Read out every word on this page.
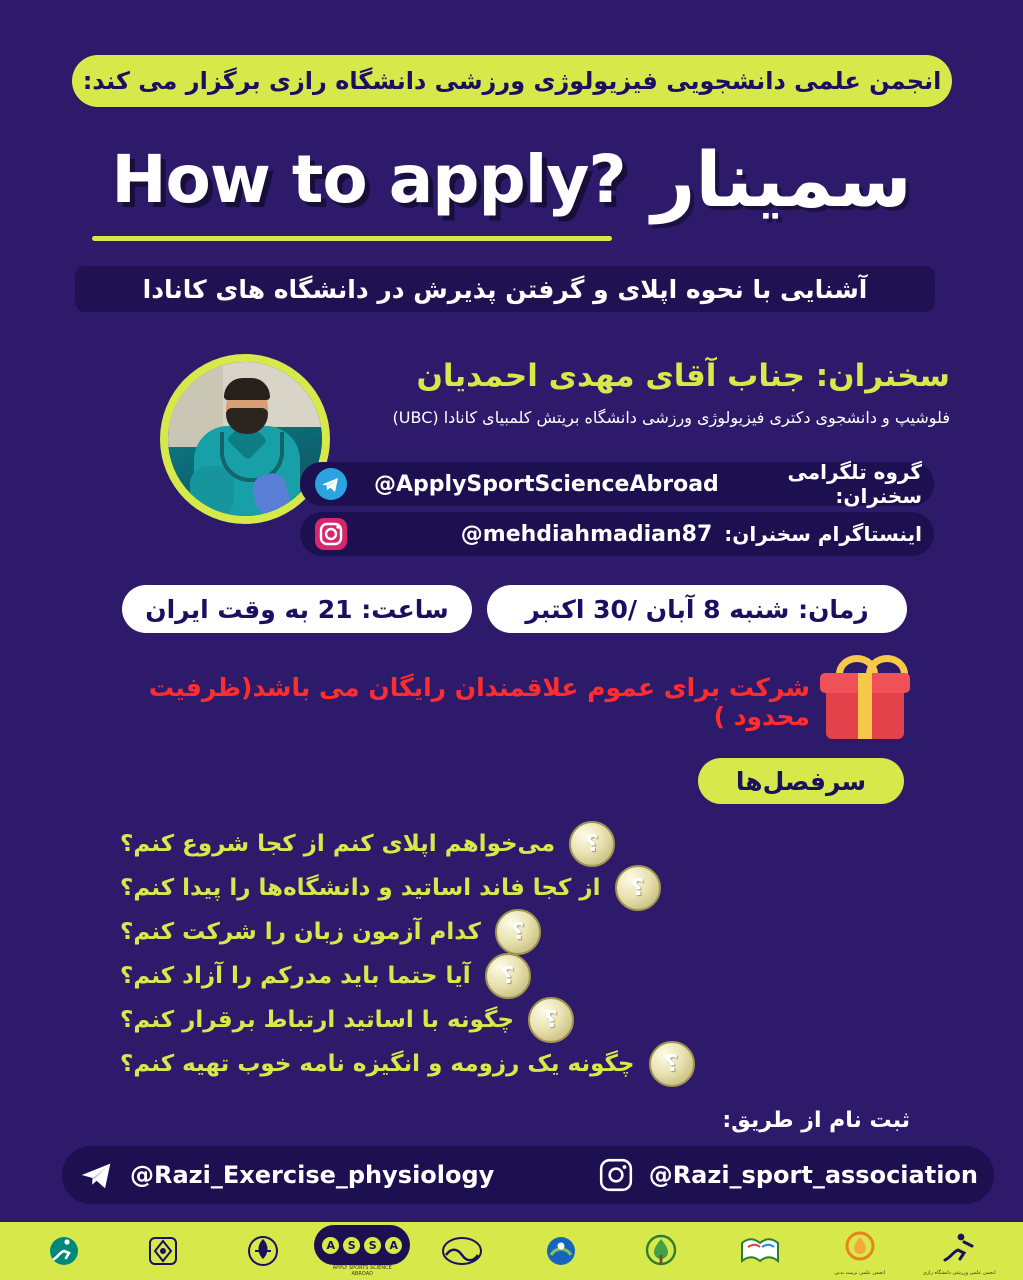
انجمن علمی دانشجویی فیزیولوژی ورزشی دانشگاه رازی برگزار می کند:
سمینار
How to apply?
آشنایی با نحوه اپلای و گرفتن پذیرش در دانشگاه های کانادا
سخنران: جناب آقای مهدی احمدیان
فلوشیپ و دانشجوی دکتری فیزیولوژی ورزشی دانشگاه بریتش کلمبیای کانادا (UBC)
گروه تلگرامی سخنران:
@ApplySportScienceAbroad
اینستاگرام سخنران:
@mehdiahmadian87
زمان: شنبه 8 آبان /30 اکتبر
ساعت: 21 به وقت ایران
شرکت برای عموم علاقمندان رایگان می باشد(ظرفیت محدود )
سرفصل‌ها
؟
می‌خواهم اپلای کنم از کجا شروع کنم؟
؟
از کجا فاند اساتید و دانشگاه‌ها را پیدا کنم؟
؟
کدام آزمون زبان را شرکت کنم؟
؟
آیا حتما باید مدرکم را آزاد کنم؟
؟
چگونه با اساتید ارتباط برقرار کنم؟
؟
چگونه یک رزومه و انگیزه نامه خوب تهیه کنم؟
ثبت نام از طریق:
@Razi_sport_association
@Razi_Exercise_physiology
انجمن علمی ورزشی دانشگاه رازی
انجمن علمی تربیت بدنی
A
S
S
A
APPLY SPORTS SCIENCE ABROAD
